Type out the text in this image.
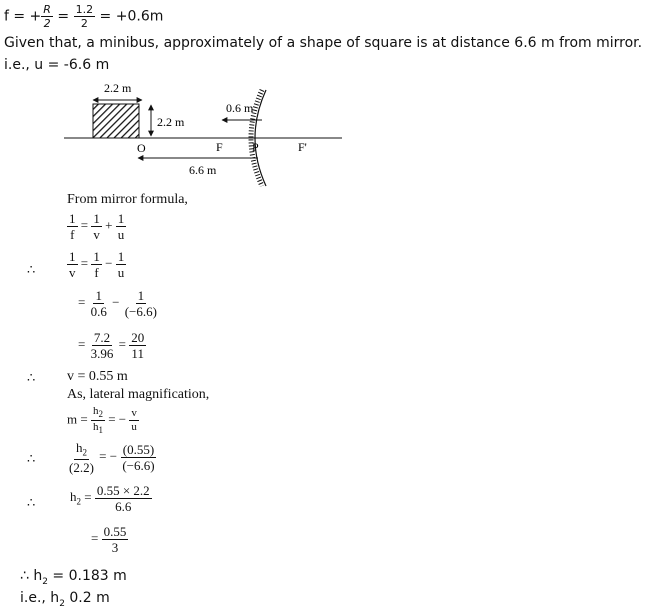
f = + $\frac{R}{2} = \frac{1.2}{2} = +0.6m$
Given that, a minibus, approximately of a shape of square is at distance 6.6 m from mirror.
i.e., u = -6.6 m
2.2 m
2.2 m
0.6 m
O	F P	F'
6.6 m
From mirror formula,
$\frac{1}{f} = \frac{1}{v} + \frac{1}{u}$
∴ $\frac{1}{v} = \frac{1}{f} - \frac{1}{u}$
= $\frac{1}{0.6} - \frac{1}{(-6.6)}$
= $\frac{7.2}{3.96} = \frac{20}{11}$
∴ v = 0.55 m
As, lateral magnification,
$m = \frac{h_2}{h_1}$ = − $\frac{v}{u}$
∴ $\frac{h_2}{(2.2)}$ = − $\frac{(0.55)}{(-6.6)}$
∴	$h_2 = \frac{0.55 \times 2.2}{6.6}$
= $\frac{0.55}{3}$
∴ $h_2 = 0.183$ m
i.e., $h_2$ 0.2 m
